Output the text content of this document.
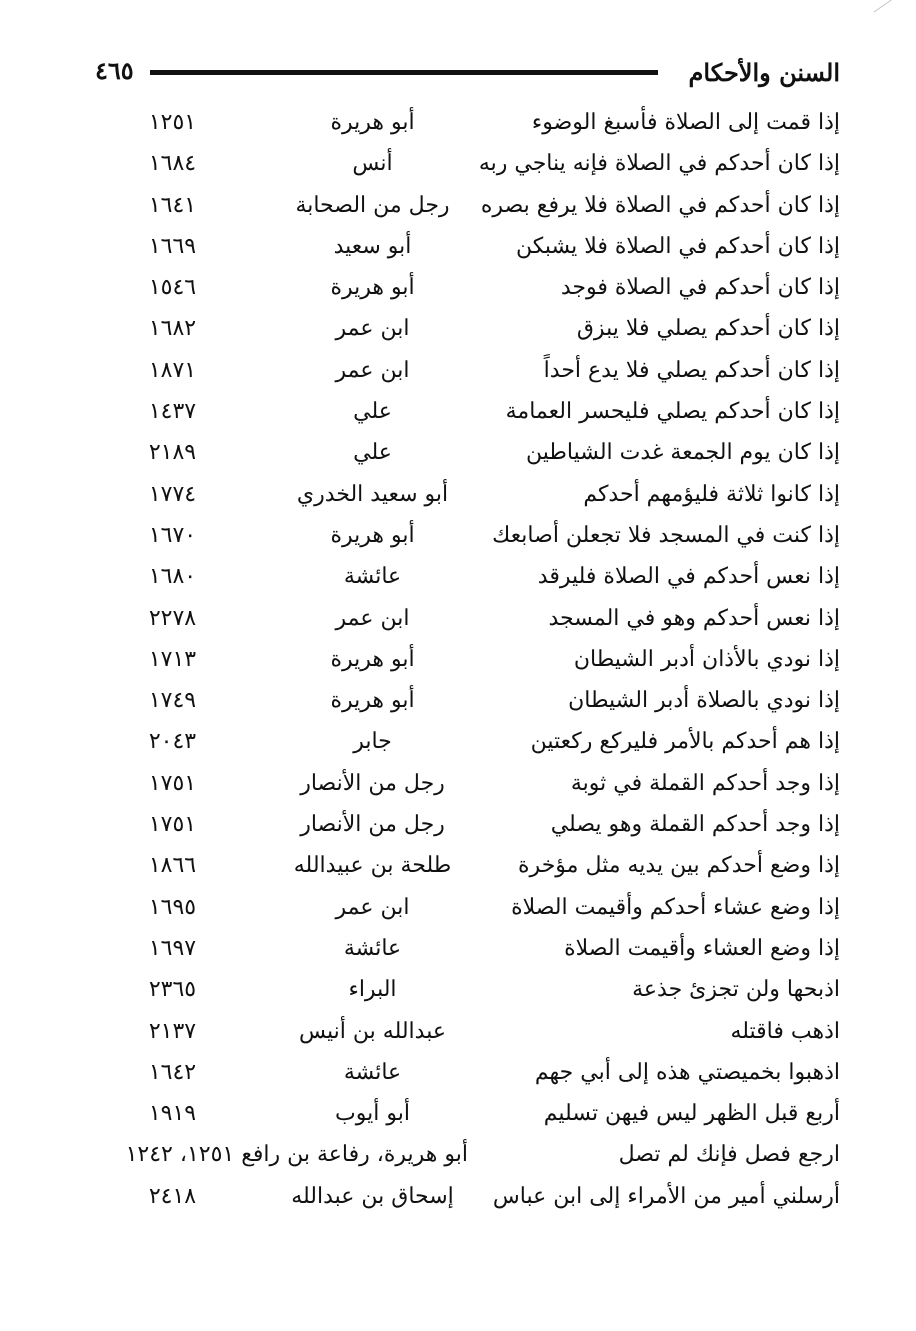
السنن والأحكام
٤٦٥
إذا قمت إلى الصلاة فأسبغ الوضوء
أبو هريرة
١٢٥١
إذا كان أحدكم في الصلاة فإنه يناجي ربه
أنس
١٦٨٤
إذا كان أحدكم في الصلاة فلا يرفع بصره
رجل من الصحابة
١٦٤١
إذا كان أحدكم في الصلاة فلا يشبكن
أبو سعيد
١٦٦٩
إذا كان أحدكم في الصلاة فوجد
أبو هريرة
١٥٤٦
إذا كان أحدكم يصلي فلا يبزق
ابن عمر
١٦٨٢
إذا كان أحدكم يصلي فلا يدع أحداً
ابن عمر
١٨٧١
إذا كان أحدكم يصلي فليحسر العمامة
علي
١٤٣٧
إذا كان يوم الجمعة غدت الشياطين
علي
٢١٨٩
إذا كانوا ثلاثة فليؤمهم أحدكم
أبو سعيد الخدري
١٧٧٤
إذا كنت في المسجد فلا تجعلن أصابعك
أبو هريرة
١٦٧٠
إذا نعس أحدكم في الصلاة فليرقد
عائشة
١٦٨٠
إذا نعس أحدكم وهو في المسجد
ابن عمر
٢٢٧٨
إذا نودي بالأذان أدبر الشيطان
أبو هريرة
١٧١٣
إذا نودي بالصلاة أدبر الشيطان
أبو هريرة
١٧٤٩
إذا هم أحدكم بالأمر فليركع ركعتين
جابر
٢٠٤٣
إذا وجد أحدكم القملة في ثوبة
رجل من الأنصار
١٧٥١
إذا وجد أحدكم القملة وهو يصلي
رجل من الأنصار
١٧٥١
إذا وضع أحدكم بين يديه مثل مؤخرة
طلحة بن عبيدالله
١٨٦٦
إذا وضع عشاء أحدكم وأقيمت الصلاة
ابن عمر
١٦٩٥
إذا وضع العشاء وأقيمت الصلاة
عائشة
١٦٩٧
اذبحها ولن تجزئ جذعة
البراء
٢٣٦٥
اذهب فاقتله
عبدالله بن أنيس
٢١٣٧
اذهبوا بخميصتي هذه إلى أبي جهم
عائشة
١٦٤٢
أربع قبل الظهر ليس فيهن تسليم
أبو أيوب
١٩١٩
ارجع فصل فإنك لم تصل
أبو هريرة، رفاعة بن رافع ١٢٥١، ١٢٤٢
أرسلني أمير من الأمراء إلى ابن عباس
إسحاق بن عبدالله
٢٤١٨
